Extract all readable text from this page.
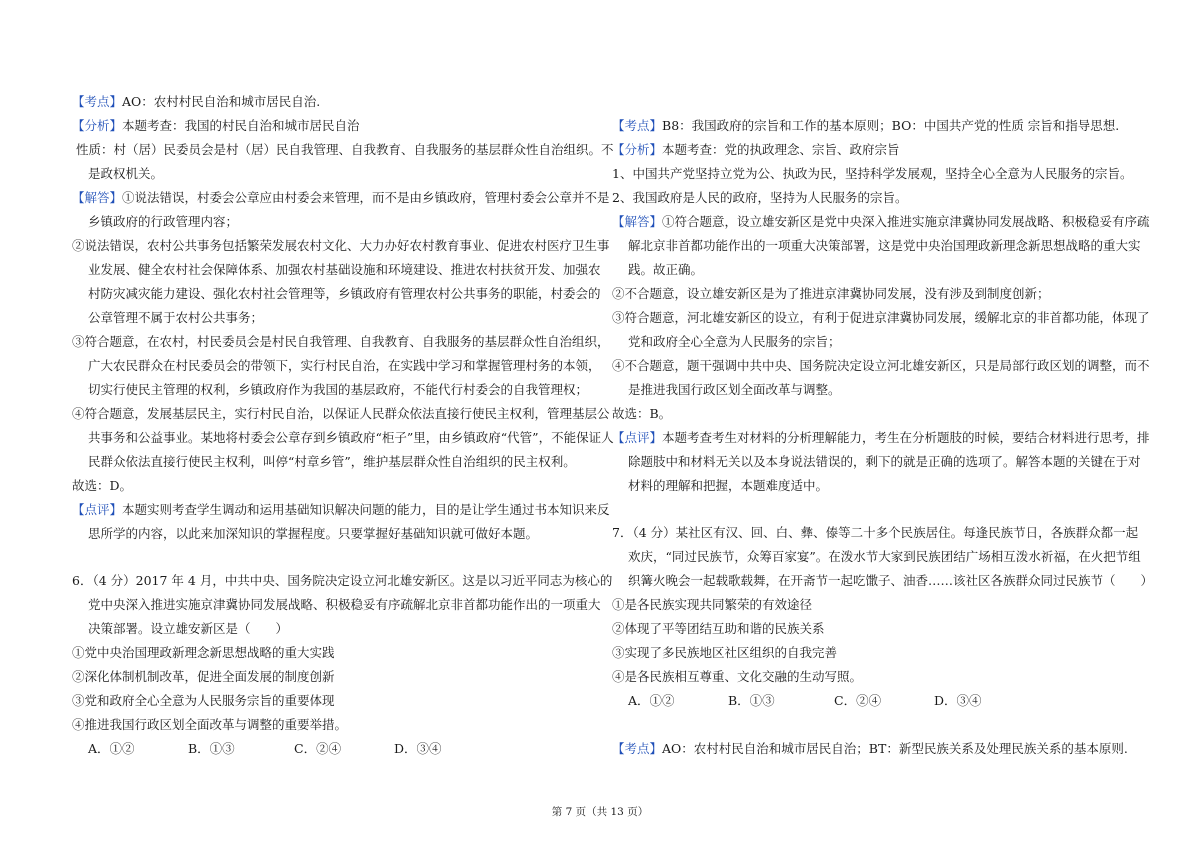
【考点】AO：农村村民自治和城市居民自治.
【分析】本题考查：我国的村民自治和城市居民自治
性质：村（居）民委员会是村（居）民自我管理、自我教育、自我服务的基层群众性自治组织。不
是政权机关。
【解答】①说法错误，村委会公章应由村委会来管理，而不是由乡镇政府，管理村委会公章并不是
乡镇政府的行政管理内容；
②说法错误，农村公共事务包括繁荣发展农村文化、大力办好农村教育事业、促进农村医疗卫生事
业发展、健全农村社会保障体系、加强农村基础设施和环境建设、推进农村扶贫开发、加强农
村防灾减灾能力建设、强化农村社会管理等，乡镇政府有管理农村公共事务的职能，村委会的
公章管理不属于农村公共事务；
③符合题意，在农村，村民委员会是村民自我管理、自我教育、自我服务的基层群众性自治组织，
广大农民群众在村民委员会的带领下，实行村民自治，在实践中学习和掌握管理村务的本领，
切实行使民主管理的权利，乡镇政府作为我国的基层政府，不能代行村委会的自我管理权；
④符合题意，发展基层民主，实行村民自治，以保证人民群众依法直接行使民主权利，管理基层公
共事务和公益事业。某地将村委会公章存到乡镇政府“柜子”里，由乡镇政府“代管”，不能保证人
民群众依法直接行使民主权利，叫停“村章乡管”，维护基层群众性自治组织的民主权利。
故选：D。
【点评】本题实则考查学生调动和运用基础知识解决问题的能力，目的是让学生通过书本知识来反
思所学的内容，以此来加深知识的掌握程度。只要掌握好基础知识就可做好本题。
6．（4 分）2017 年 4 月，中共中央、国务院决定设立河北雄安新区。这是以习近平同志为核心的
党中央深入推进实施京津冀协同发展战略、积极稳妥有序疏解北京非首都功能作出的一项重大
决策部署。设立雄安新区是（　　）
①党中央治国理政新理念新思想战略的重大实践
②深化体制机制改革，促进全面发展的制度创新
③党和政府全心全意为人民服务宗旨的重要体现
④推进我国行政区划全面改革与调整的重要举措。
A．①②	B．①③	C．②④	D．③④
【考点】B8：我国政府的宗旨和工作的基本原则；BO：中国共产党的性质 宗旨和指导思想.
【分析】本题考查：党的执政理念、宗旨、政府宗旨
1、中国共产党坚持立党为公、执政为民，坚持科学发展观，坚持全心全意为人民服务的宗旨。
2、我国政府是人民的政府，坚持为人民服务的宗旨。
【解答】①符合题意，设立雄安新区是党中央深入推进实施京津冀协同发展战略、积极稳妥有序疏
解北京非首都功能作出的一项重大决策部署，这是党中央治国理政新理念新思想战略的重大实
践。故正确。
②不合题意，设立雄安新区是为了推进京津冀协同发展，没有涉及到制度创新；
③符合题意，河北雄安新区的设立，有利于促进京津冀协同发展，缓解北京的非首都功能，体现了
党和政府全心全意为人民服务的宗旨；
④不合题意，题干强调中共中央、国务院决定设立河北雄安新区，只是局部行政区划的调整，而不
是推进我国行政区划全面改革与调整。
故选：B。
【点评】本题考查考生对材料的分析理解能力，考生在分析题肢的时候，要结合材料进行思考，排
除题肢中和材料无关以及本身说法错误的，剩下的就是正确的选项了。解答本题的关键在于对
材料的理解和把握，本题难度适中。
7．（4 分）某社区有汉、回、白、彝、傣等二十多个民族居住。每逢民族节日，各族群众都一起
欢庆，“同过民族节，众筹百家宴”。在泼水节大家到民族团结广场相互泼水祈福，在火把节组
织篝火晚会一起载歌载舞，在开斋节一起吃馓子、油香……该社区各族群众同过民族节（　　）
①是各民族实现共同繁荣的有效途径
②体现了平等团结互助和谐的民族关系
③实现了多民族地区社区组织的自我完善
④是各民族相互尊重、文化交融的生动写照。
A．①②	B．①③	C．②④	D．③④
【考点】AO：农村村民自治和城市居民自治；BT：新型民族关系及处理民族关系的基本原则.
第 7 页（共 13 页）
